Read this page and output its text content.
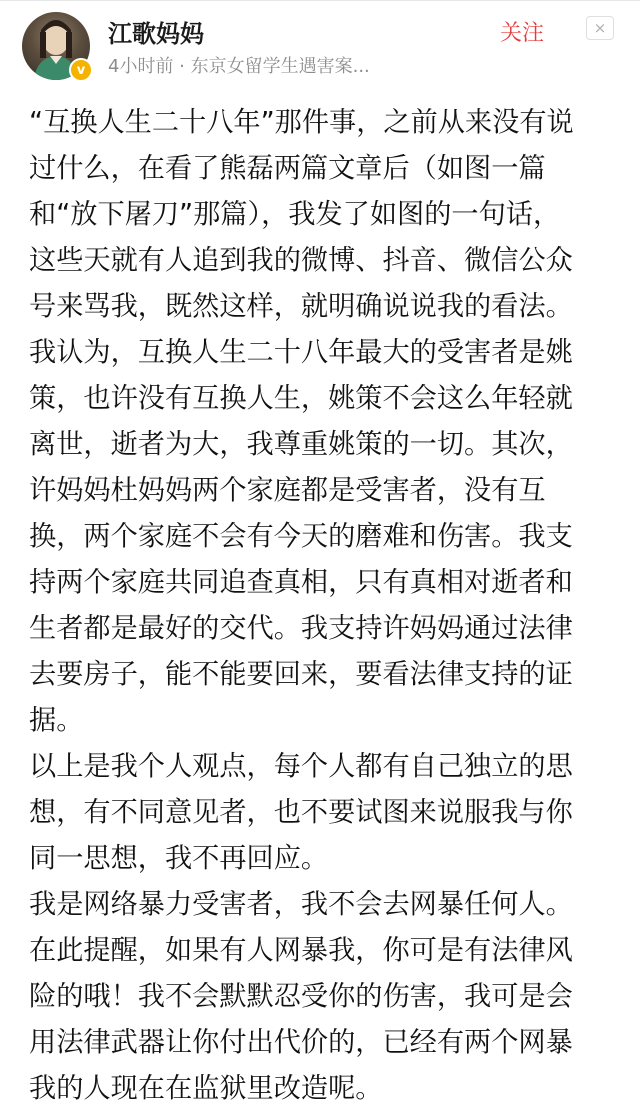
v
江歌妈妈
4小时前 · 东京女留学生遇害案...
关注	×

“互换人生二十八年”那件事，之前从来没有说
过什么，在看了熊磊两篇文章后（如图一篇
和“放下屠刀”那篇），我发了如图的一句话，
这些天就有人追到我的微博、抖音、微信公众
号来骂我，既然这样，就明确说说我的看法。
我认为，互换人生二十八年最大的受害者是姚
策，也许没有互换人生，姚策不会这么年轻就
离世，逝者为大，我尊重姚策的一切。其次，
许妈妈杜妈妈两个家庭都是受害者，没有互
换，两个家庭不会有今天的磨难和伤害。我支
持两个家庭共同追查真相，只有真相对逝者和
生者都是最好的交代。我支持许妈妈通过法律
去要房子，能不能要回来，要看法律支持的证
据。

以上是我个人观点，每个人都有自己独立的思
想，有不同意见者，也不要试图来说服我与你
同一思想，我不再回应。

我是网络暴力受害者，我不会去网暴任何人。
在此提醒，如果有人网暴我，你可是有法律风
险的哦！我不会默默忍受你的伤害，我可是会
用法律武器让你付出代价的，已经有两个网暴
我的人现在在监狱里改造呢。
